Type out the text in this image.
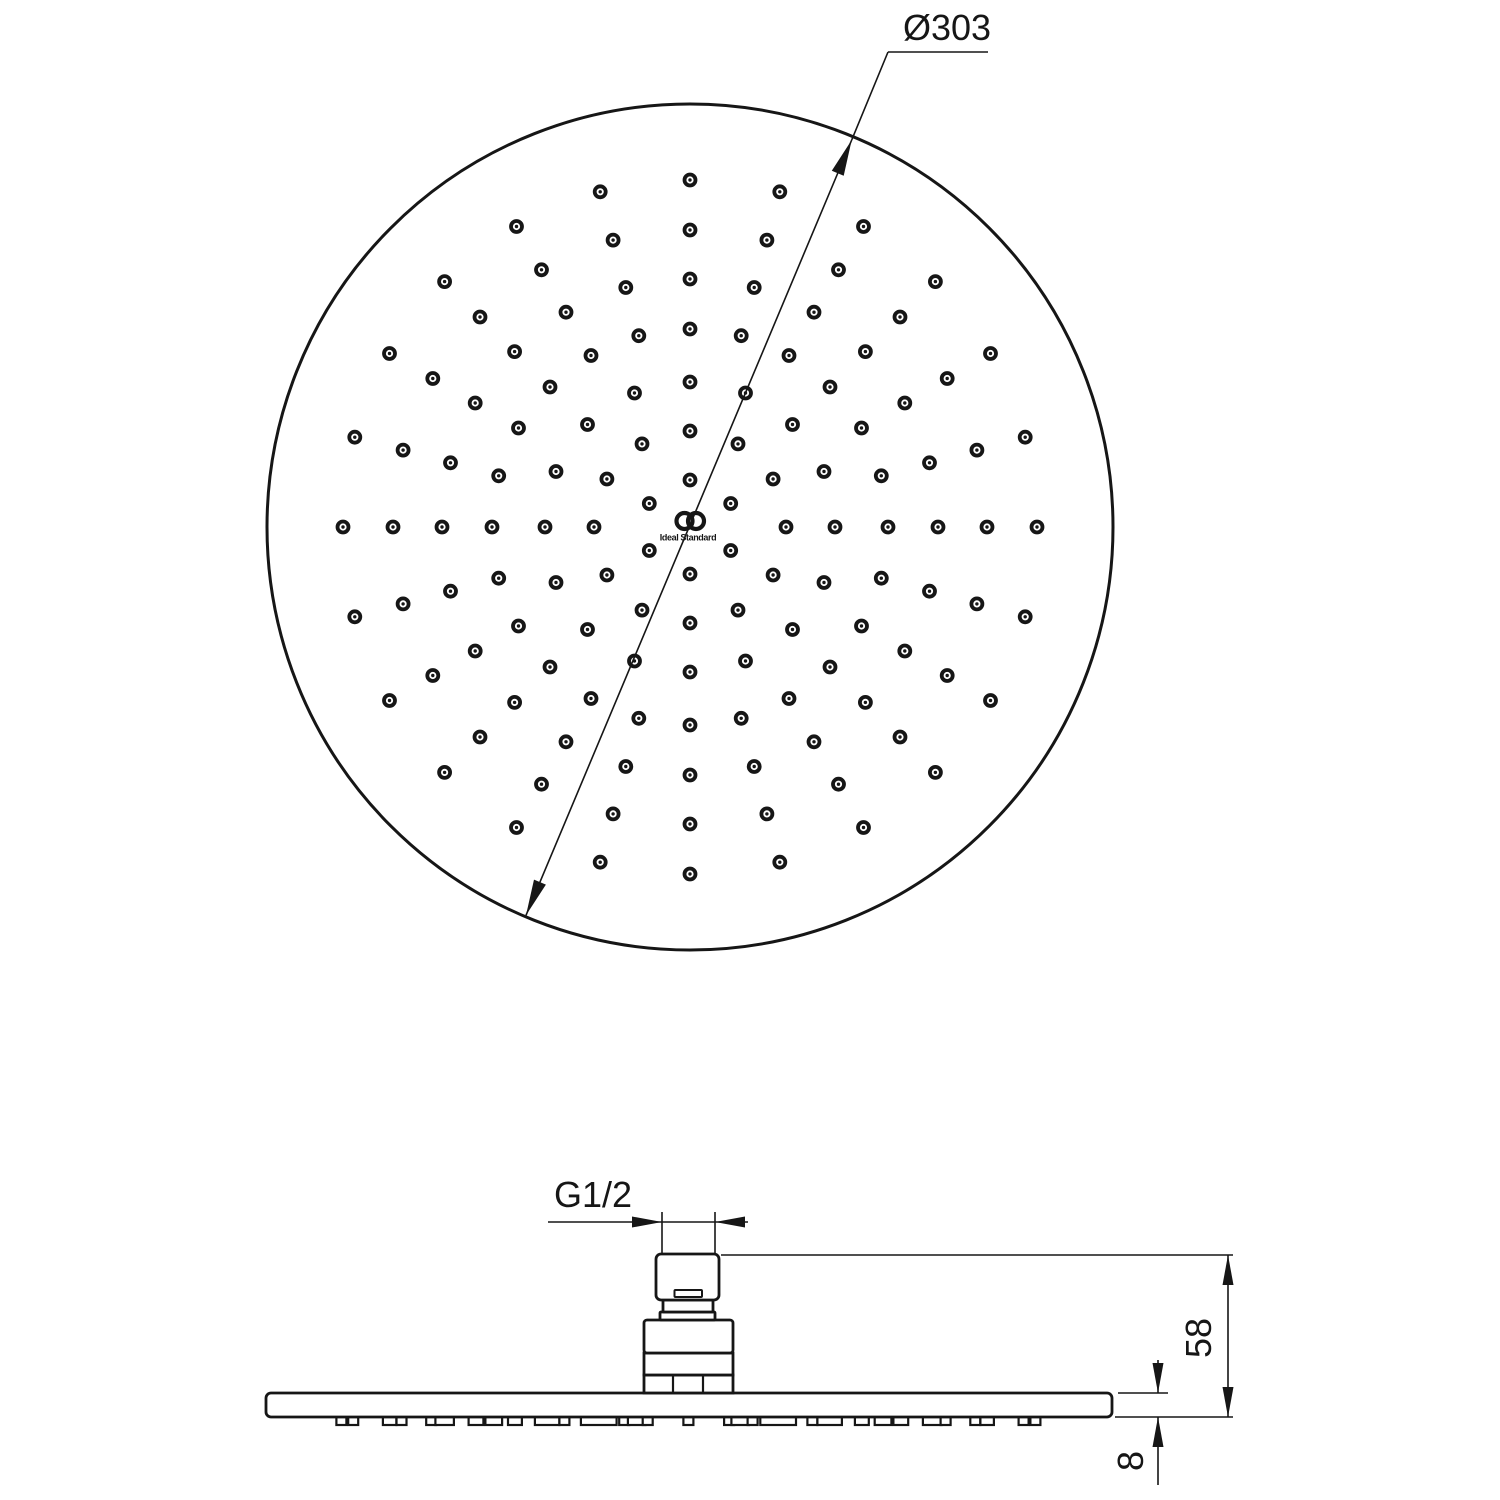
Ø303
G1/2
58
8
Ideal Standard
